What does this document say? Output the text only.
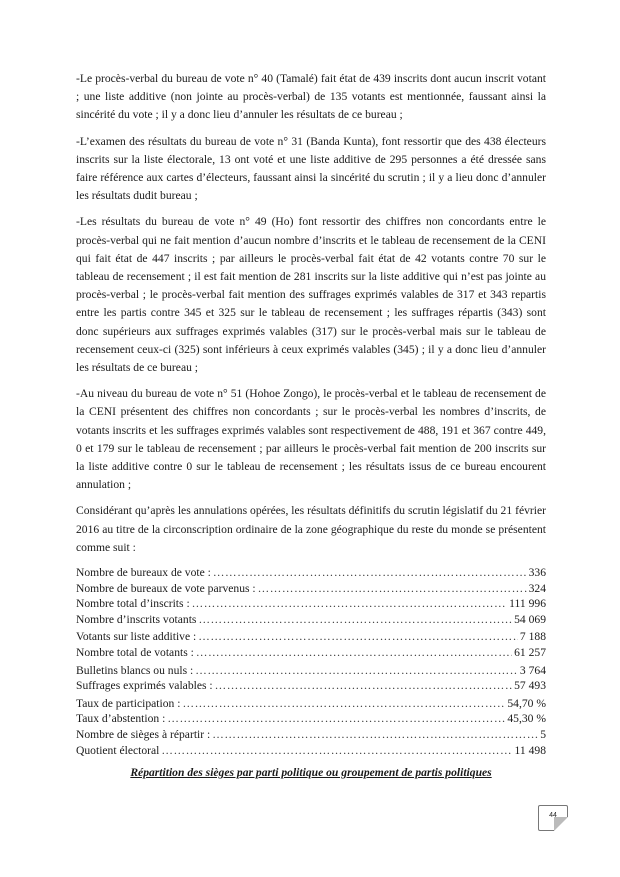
-Le procès-verbal du bureau de vote n° 40 (Tamalé) fait état de 439 inscrits dont aucun inscrit votant ; une liste additive (non jointe au procès-verbal) de 135 votants est mentionnée, faussant ainsi la sincérité du vote ; il y a donc lieu d’annuler les résultats de ce bureau ;

-L’examen des résultats du bureau de vote n° 31 (Banda Kunta), font ressortir que des 438 électeurs inscrits sur la liste électorale, 13 ont voté et une liste additive de 295 personnes a été dressée sans faire référence aux cartes d’électeurs, faussant ainsi la sincérité du scrutin ; il y a lieu donc d’annuler les résultats dudit bureau ;

-Les résultats du bureau de vote n° 49 (Ho) font ressortir des chiffres non concordants entre le procès-verbal qui ne fait mention d’aucun nombre d’inscrits et le tableau de recensement de la CENI qui fait état de 447 inscrits ; par ailleurs le procès-verbal fait état de 42 votants contre 70 sur le tableau de recensement ; il est fait mention de 281 inscrits sur la liste additive qui n’est pas jointe au procès-verbal ; le procès-verbal fait mention des suffrages exprimés valables de 317 et 343 repartis entre les partis contre 345 et 325 sur le tableau de recensement ; les suffrages répartis (343) sont donc supérieurs aux suffrages exprimés valables (317) sur le procès-verbal mais sur le tableau de recensement ceux-ci (325) sont inférieurs à ceux exprimés valables (345) ; il y a donc lieu d’annuler les résultats de ce bureau ;

-Au niveau du bureau de vote n° 51 (Hohoe Zongo), le procès-verbal et le tableau de recensement de la CENI présentent des chiffres non concordants ; sur le procès-verbal les nombres d’inscrits, de votants inscrits et les suffrages exprimés valables sont respectivement de 488, 191 et 367 contre 449, 0 et 179 sur le tableau de recensement ; par ailleurs le procès-verbal fait mention de 200 inscrits sur la liste additive contre 0 sur le tableau de recensement ; les résultats issus de ce bureau encourent annulation ;

Considérant qu’après les annulations opérées, les résultats définitifs du scrutin législatif du 21 février 2016 au titre de la circonscription ordinaire de la zone géographique du reste du monde se présentent comme suit :

Nombre de bureaux de vote : …………………………………………………………………………………………………………………………………………	336
Nombre de bureaux de vote parvenus : …………………………………………………………………………………………………………………………………………	324
Nombre total d’inscrits : …………………………………………………………………………………………………………………………………………	111 996
Nombre d’inscrits votants …………………………………………………………………………………………………………………………………………	54 069
Votants sur liste additive : …………………………………………………………………………………………………………………………………………	7 188
Nombre total de votants : …………………………………………………………………………………………………………………………………………	61 257
Bulletins blancs ou nuls : …………………………………………………………………………………………………………………………………………	3 764
Suffrages exprimés valables : …………………………………………………………………………………………………………………………………………	57 493
Taux de participation : …………………………………………………………………………………………………………………………………………	54,70 %
Taux d’abstention : …………………………………………………………………………………………………………………………………………	45,30 %
Nombre de sièges à répartir : …………………………………………………………………………………………………………………………………………	5
Quotient électoral …………………………………………………………………………………………………………………………………………	11 498
Répartition des sièges par parti politique ou groupement de partis politiques
44
